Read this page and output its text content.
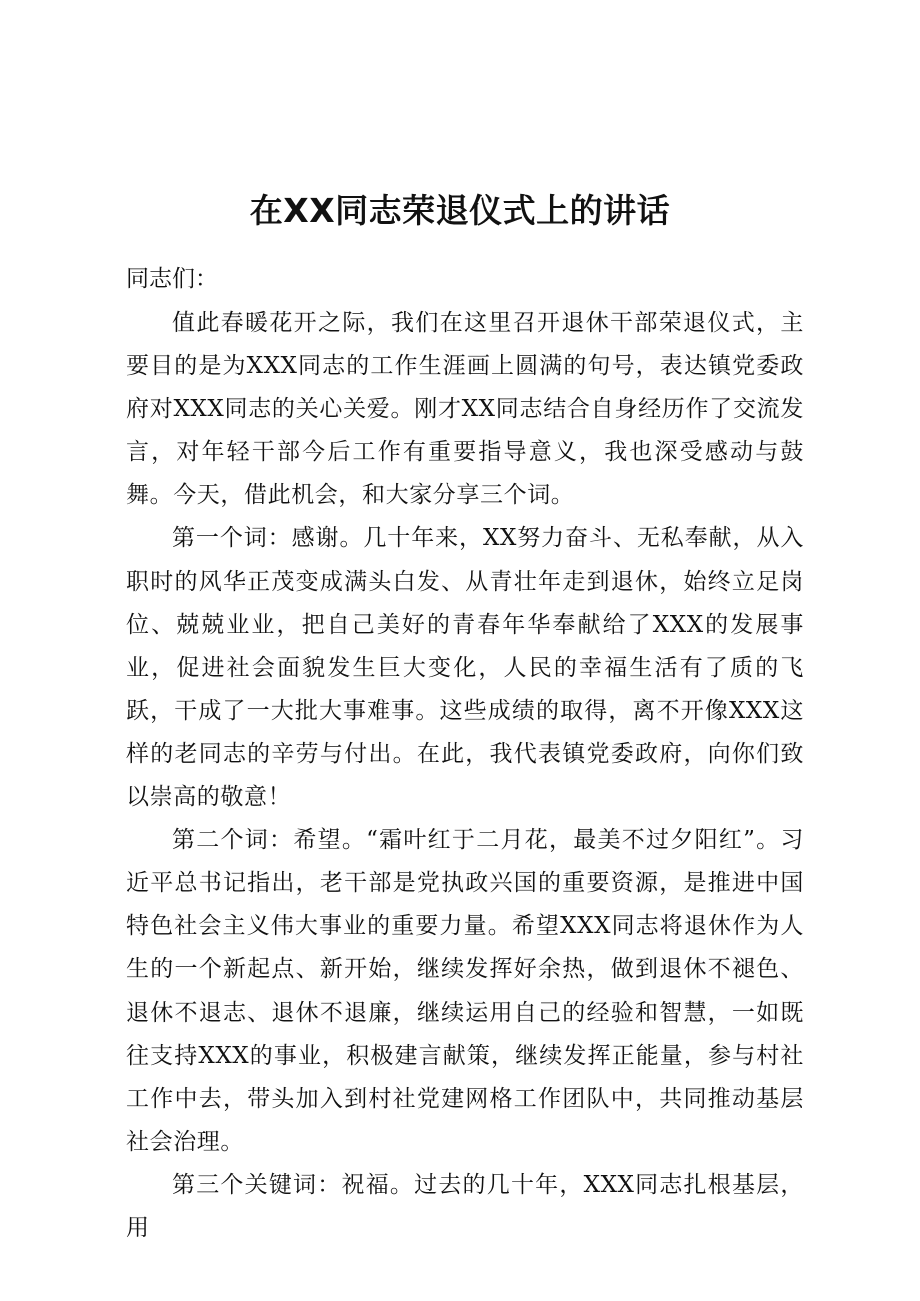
在XX同志荣退仪式上的讲话

同志们：

值此春暖花开之际，我们在这里召开退休干部荣退仪式，主要目的是为XXX同志的工作生涯画上圆满的句号，表达镇党委政府对XXX同志的关心关爱。刚才XX同志结合自身经历作了交流发言，对年轻干部今后工作有重要指导意义，我也深受感动与鼓舞。今天，借此机会，和大家分享三个词。

第一个词：感谢。几十年来，XX努力奋斗、无私奉献，从入职时的风华正茂变成满头白发、从青壮年走到退休，始终立足岗位、兢兢业业，把自己美好的青春年华奉献给了XXX的发展事业，促进社会面貌发生巨大变化，人民的幸福生活有了质的飞跃，干成了一大批大事难事。这些成绩的取得，离不开像XXX这样的老同志的辛劳与付出。在此，我代表镇党委政府，向你们致以崇高的敬意！

第二个词：希望。“霜叶红于二月花，最美不过夕阳红”。习近平总书记指出，老干部是党执政兴国的重要资源，是推进中国特色社会主义伟大事业的重要力量。希望XXX同志将退休作为人生的一个新起点、新开始，继续发挥好余热，做到退休不褪色、退休不退志、退休不退廉，继续运用自己的经验和智慧，一如既往支持XXX的事业，积极建言献策，继续发挥正能量，参与村社工作中去，带头加入到村社党建网格工作团队中，共同推动基层社会治理。

第三个关键词：祝福。过去的几十年，XXX同志扎根基层，用
